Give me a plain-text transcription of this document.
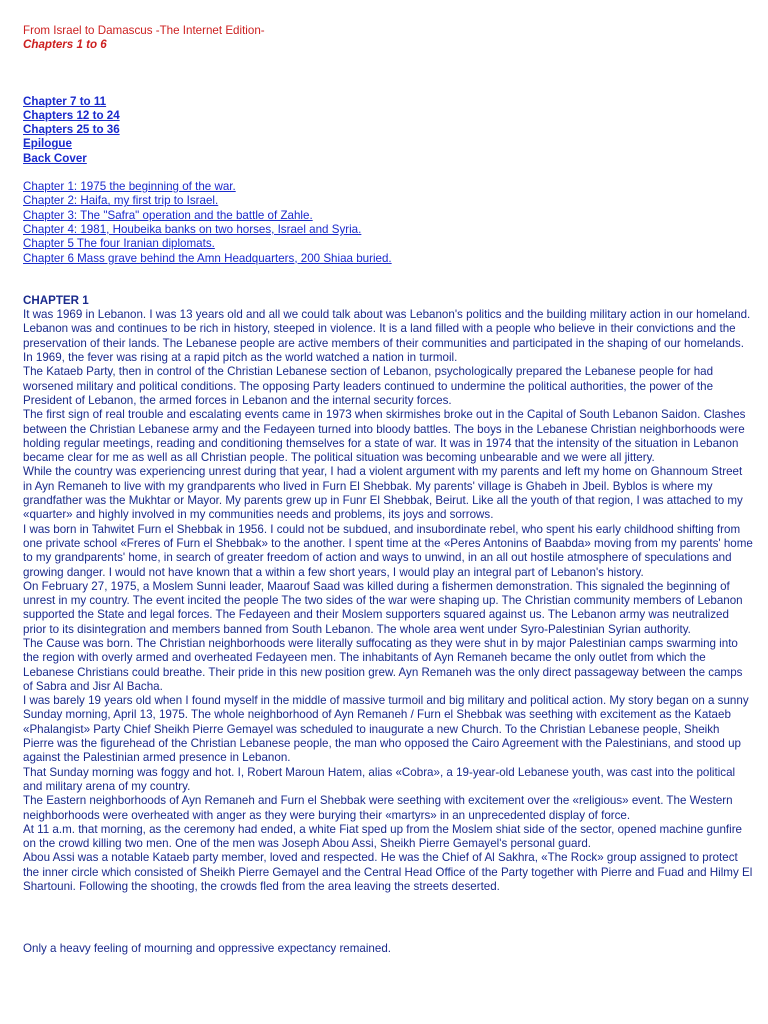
From Israel to Damascus -The Internet Edition-
Chapters 1 to 6
Chapter 7 to 11
Chapters 12 to 24
Chapters 25 to 36
Epilogue
Back Cover
Chapter 1: 1975 the beginning of the war.
Chapter 2: Haifa, my first trip to Israel.
Chapter 3: The "Safra" operation and the battle of Zahle.
Chapter 4: 1981, Houbeika banks on two horses, Israel and Syria.
Chapter 5 The four Iranian diplomats.
Chapter 6 Mass grave behind the Amn Headquarters, 200 Shiaa buried.
CHAPTER 1

It was 1969 in Lebanon. I was 13 years old and all we could talk about was Lebanon's politics and the building military action in our homeland. Lebanon was and continues to be rich in history, steeped in violence. It is a land filled with a people who believe in their convictions and the preservation of their lands. The Lebanese people are active members of their communities and participated in the shaping of our homelands. In 1969, the fever was rising at a rapid pitch as the world watched a nation in turmoil.

The Kataeb Party, then in control of the Christian Lebanese section of Lebanon, psychologically prepared the Lebanese people for had worsened military and political conditions. The opposing Party leaders continued to undermine the political authorities, the power of the President of Lebanon, the armed forces in Lebanon and the internal security forces.

The first sign of real trouble and escalating events came in 1973 when skirmishes broke out in the Capital of South Lebanon Saidon. Clashes between the Christian Lebanese army and the Fedayeen turned into bloody battles. The boys in the Lebanese Christian neighborhoods were holding regular meetings, reading and conditioning themselves for a state of war. It was in 1974 that the intensity of the situation in Lebanon became clear for me as well as all Christian people. The political situation was becoming unbearable and we were all jittery.

While the country was experiencing unrest during that year, I had a violent argument with my parents and left my home on Ghannoum Street in Ayn Remaneh to live with my grandparents who lived in Furn El Shebbak. My parents' village is Ghabeh in Jbeil. Byblos is where my grandfather was the Mukhtar or Mayor. My parents grew up in Funr El Shebbak, Beirut. Like all the youth of that region, I was attached to my «quarter» and highly involved in my communities needs and problems, its joys and sorrows.

I was born in Tahwitet Furn el Shebbak in 1956. I could not be subdued, and insubordinate rebel, who spent his early childhood shifting from one private school «Freres of Furn el Shebbak» to the another. I spent time at the «Peres Antonins of Baabda» moving from my parents' home to my grandparents' home, in search of greater freedom of action and ways to unwind, in an all out hostile atmosphere of speculations and growing danger. I would not have known that a within a few short years, I would play an integral part of Lebanon's history.

On February 27, 1975, a Moslem Sunni leader, Maarouf Saad was killed during a fishermen demonstration. This signaled the beginning of unrest in my country. The event incited the people The two sides of the war were shaping up. The Christian community members of Lebanon supported the State and legal forces. The Fedayeen and their Moslem supporters squared against us. The Lebanon army was neutralized prior to its disintegration and members banned from South Lebanon. The whole area went under Syro-Palestinian Syrian authority.

The Cause was born. The Christian neighborhoods were literally suffocating as they were shut in by major Palestinian camps swarming into the region with overly armed and overheated Fedayeen men. The inhabitants of Ayn Remaneh became the only outlet from which the Lebanese Christians could breathe. Their pride in this new position grew. Ayn Remaneh was the only direct passageway between the camps of Sabra and Jisr Al Bacha.

I was barely 19 years old when I found myself in the middle of massive turmoil and big military and political action. My story began on a sunny Sunday morning, April 13, 1975. The whole neighborhood of Ayn Remaneh / Furn el Shebbak was seething with excitement as the Kataeb «Phalangist» Party Chief Sheikh Pierre Gemayel was scheduled to inaugurate a new Church. To the Christian Lebanese people, Sheikh Pierre was the figurehead of the Christian Lebanese people, the man who opposed the Cairo Agreement with the Palestinians, and stood up against the Palestinian armed presence in Lebanon.

That Sunday morning was foggy and hot. I, Robert Maroun Hatem, alias «Cobra», a 19-year-old Lebanese youth, was cast into the political and military arena of my country.

The Eastern neighborhoods of Ayn Remaneh and Furn el Shebbak were seething with excitement over the «religious» event. The Western neighborhoods were overheated with anger as they were burying their «martyrs» in an unprecedented display of force.

At 11 a.m. that morning, as the ceremony had ended, a white Fiat sped up from the Moslem shiat side of the sector, opened machine gunfire on the crowd killing two men. One of the men was Joseph Abou Assi, Sheikh Pierre Gemayel's personal guard.

Abou Assi was a notable Kataeb party member, loved and respected. He was the Chief of Al Sakhra, «The Rock» group assigned to protect the inner circle which consisted of Sheikh Pierre Gemayel and the Central Head Office of the Party together with Pierre and Fuad and Hilmy El Shartouni. Following the shooting, the crowds fled from the area leaving the streets deserted.

Only a heavy feeling of mourning and oppressive expectancy remained.
